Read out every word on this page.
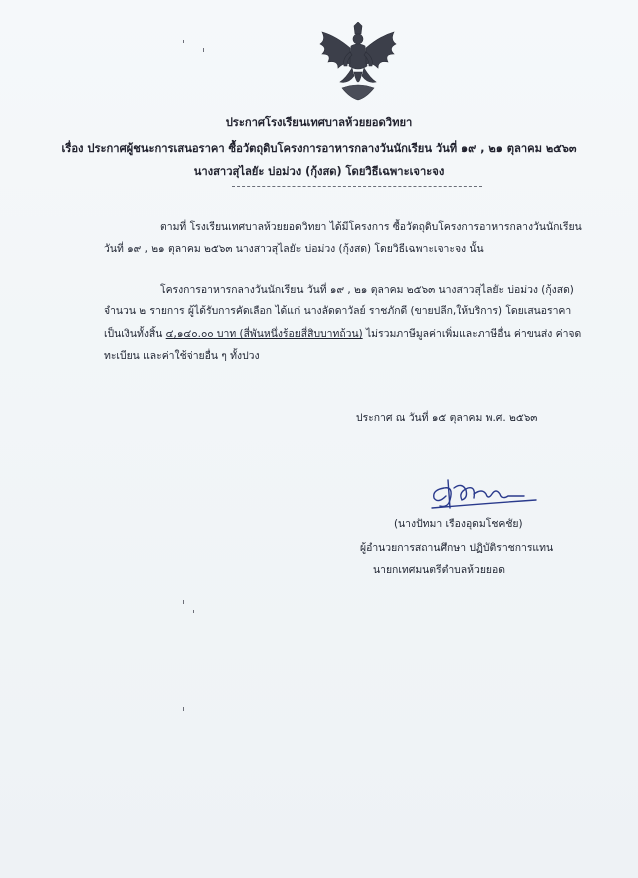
ประกาศโรงเรียนเทศบาลห้วยยอดวิทยา
เรื่อง ประกาศผู้ชนะการเสนอราคา ซื้อวัตถุดิบโครงการอาหารกลางวันนักเรียน วันที่ ๑๙ , ๒๑ ตุลาคม ๒๕๖๓
นางสาวสุไลยัะ บ่อม่วง (กุ้งสด) โดยวิธีเฉพาะเจาะจง
ตามที่ โรงเรียนเทศบาลห้วยยอดวิทยา ได้มีโครงการ ซื้อวัตถุดิบโครงการอาหารกลางวันนักเรียน
วันที่ ๑๙ , ๒๑ ตุลาคม ๒๕๖๓ นางสาวสุไลยัะ บ่อม่วง (กุ้งสด) โดยวิธีเฉพาะเจาะจง นั้น
โครงการอาหารกลางวันนักเรียน วันที่ ๑๙ , ๒๑ ตุลาคม ๒๕๖๓ นางสาวสุไลยัะ บ่อม่วง (กุ้งสด)
จำนวน ๒ รายการ ผู้ได้รับการคัดเลือก ได้แก่ นางลัดดาวัลย์ ราชภักดี (ขายปลีก,ให้บริการ) โดยเสนอราคา
เป็นเงินทั้งสิ้น ๔,๑๔๐.๐๐ บาท (สี่พันหนึ่งร้อยสี่สิบบาทถ้วน) ไม่รวมภาษีมูลค่าเพิ่มและภาษีอื่น ค่าขนส่ง ค่าจด
ทะเบียน และค่าใช้จ่ายอื่น ๆ ทั้งปวง
ประกาศ ณ วันที่ ๑๕ ตุลาคม พ.ศ. ๒๕๖๓
(นางปัทมา เรืองอุดมโชคชัย)
ผู้อำนวยการสถานศึกษา ปฏิบัติราชการแทน
นายกเทศมนตรีตำบลห้วยยอด
